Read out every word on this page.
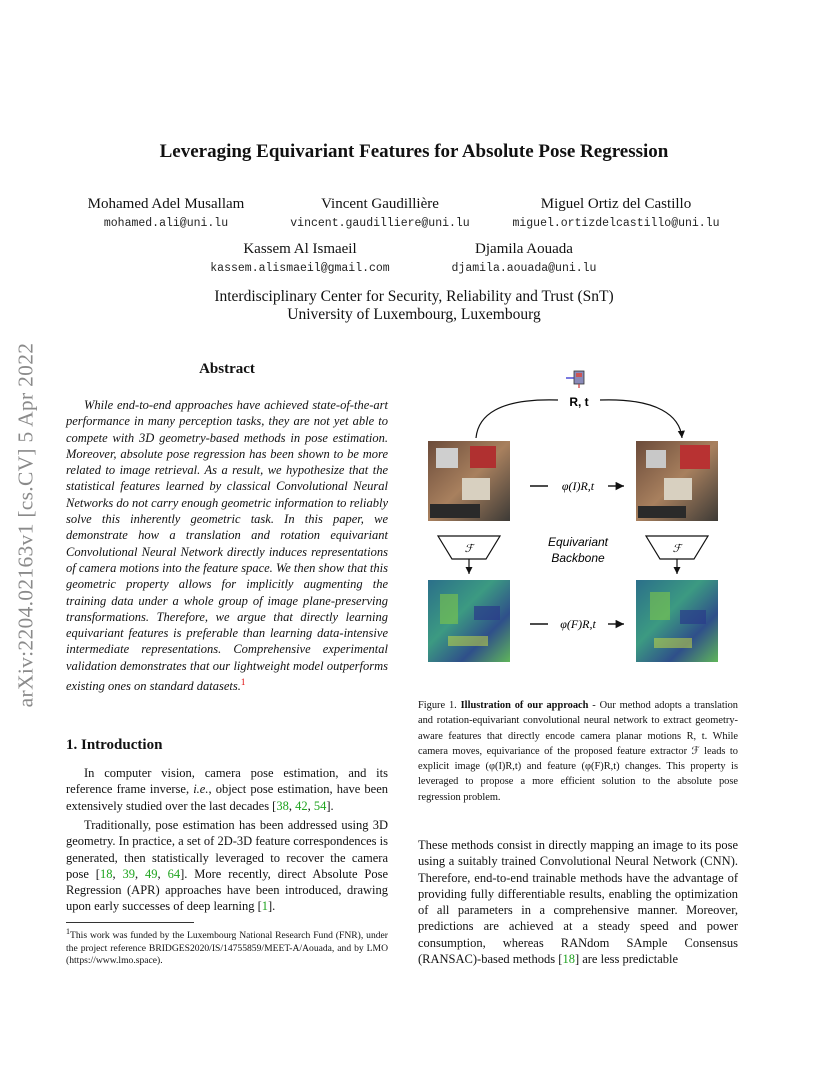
arXiv:2204.02163v1 [cs.CV] 5 Apr 2022
Leveraging Equivariant Features for Absolute Pose Regression
Mohamed Adel Musallam
mohamed.ali@uni.lu
Vincent Gaudillière
vincent.gaudilliere@uni.lu
Miguel Ortiz del Castillo
miguel.ortizdelcastillo@uni.lu
Kassem Al Ismaeil
kassem.alismaeil@gmail.com
Djamila Aouada
djamila.aouada@uni.lu
Interdisciplinary Center for Security, Reliability and Trust (SnT)
University of Luxembourg, Luxembourg
Abstract
While end-to-end approaches have achieved state-of-the-art performance in many perception tasks, they are not yet able to compete with 3D geometry-based methods in pose estimation. Moreover, absolute pose regression has been shown to be more related to image retrieval. As a result, we hypothesize that the statistical features learned by classical Convolutional Neural Networks do not carry enough geometric information to reliably solve this inherently geometric task. In this paper, we demonstrate how a translation and rotation equivariant Convolutional Neural Network directly induces representations of camera motions into the feature space. We then show that this geometric property allows for implicitly augmenting the training data under a whole group of image plane-preserving transformations. Therefore, we argue that directly learning equivariant features is preferable than learning data-intensive intermediate representations. Comprehensive experimental validation demonstrates that our lightweight model outperforms existing ones on standard datasets.$^1$
1. Introduction
In computer vision, camera pose estimation, and its reference frame inverse, i.e., object pose estimation, have been extensively studied over the last decades [38, 42, 54].
Traditionally, pose estimation has been addressed using 3D geometry. In practice, a set of 2D-3D feature correspondences is generated, then statistically leveraged to recover the camera pose [18, 39, 49, 64]. More recently, direct Absolute Pose Regression (APR) approaches have been introduced, drawing upon early successes of deep learning [1].
$^1$This work was funded by the Luxembourg National Research Fund (FNR), under the project reference BRIDGES2020/IS/14755859/MEET-A/Aouada, and by LMO (https://www.lmo.space).
R, t
φ(I)R,t
ℱ	ℱ
Equivariant
Backbone
φ(F)R,t
Figure 1. Illustration of our approach - Our method adopts a translation and rotation-equivariant convolutional neural network to extract geometry-aware features that directly encode camera planar motions R, t. While camera moves, equivariance of the proposed feature extractor ℱ leads to explicit image (φ(I)R,t) and feature (φ(F)R,t) changes. This property is leveraged to propose a more efficient solution to the absolute pose regression problem.
These methods consist in directly mapping an image to its pose using a suitably trained Convolutional Neural Network (CNN). Therefore, end-to-end trainable methods have the advantage of providing fully differentiable results, enabling the optimization of all parameters in a comprehensive manner. Moreover, predictions are achieved at a steady speed and power consumption, whereas RANdom SAmple Consensus (RANSAC)-based methods [18] are less predictable
